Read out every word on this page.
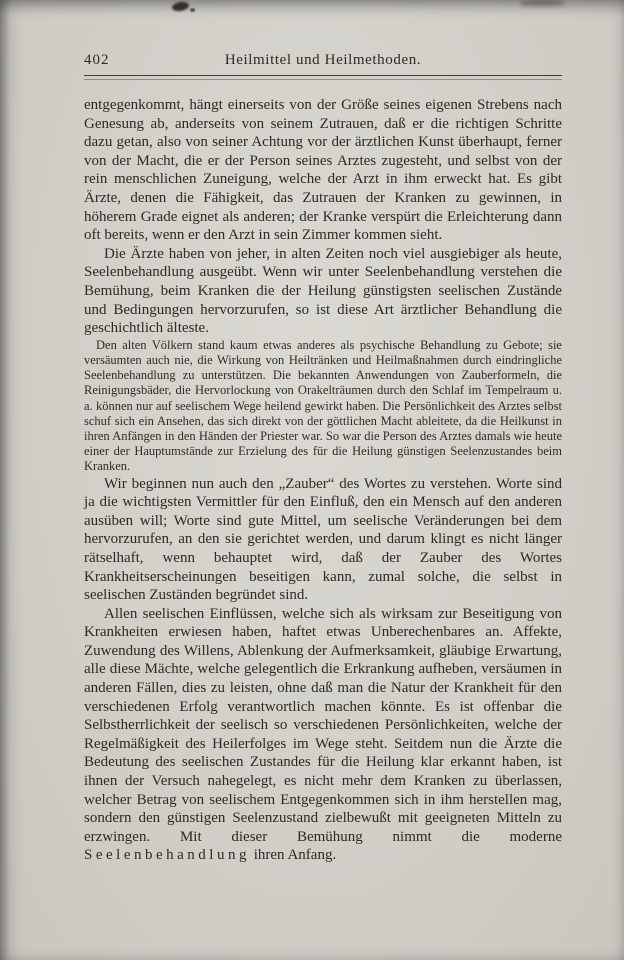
402	Heilmittel und Heilmethoden.

entgegenkommt, hängt einerseits von der Größe seines eigenen Strebens nach Genesung ab, anderseits von seinem Zutrauen, daß er die richtigen Schritte dazu getan, also von seiner Achtung vor der ärztlichen Kunst überhaupt, ferner von der Macht, die er der Person seines Arztes zugesteht, und selbst von der rein menschlichen Zuneigung, welche der Arzt in ihm erweckt hat. Es gibt Ärzte, denen die Fähigkeit, das Zutrauen der Kranken zu gewinnen, in höherem Grade eignet als anderen; der Kranke verspürt die Erleichterung dann oft bereits, wenn er den Arzt in sein Zimmer kommen sieht.

Die Ärzte haben von jeher, in alten Zeiten noch viel ausgiebiger als heute, Seelenbehandlung ausgeübt. Wenn wir unter Seelenbehandlung verstehen die Bemühung, beim Kranken die der Heilung günstigsten seelischen Zustände und Bedingungen hervorzurufen, so ist diese Art ärztlicher Behandlung die geschichtlich älteste.

Den alten Völkern stand kaum etwas anderes als psychische Behandlung zu Gebote; sie versäumten auch nie, die Wirkung von Heiltränken und Heilmaßnahmen durch eindringliche Seelenbehandlung zu unterstützen. Die bekannten Anwendungen von Zauberformeln, die Reinigungsbäder, die Hervorlockung von Orakelträumen durch den Schlaf im Tempelraum u. a. können nur auf seelischem Wege heilend gewirkt haben. Die Persönlichkeit des Arztes selbst schuf sich ein Ansehen, das sich direkt von der göttlichen Macht ableitete, da die Heilkunst in ihren Anfängen in den Händen der Priester war. So war die Person des Arztes damals wie heute einer der Hauptumstände zur Erzielung des für die Heilung günstigen Seelenzustandes beim Kranken.

Wir beginnen nun auch den „Zauber“ des Wortes zu verstehen. Worte sind ja die wichtigsten Vermittler für den Einfluß, den ein Mensch auf den anderen ausüben will; Worte sind gute Mittel, um seelische Veränderungen bei dem hervorzurufen, an den sie gerichtet werden, und darum klingt es nicht länger rätselhaft, wenn behauptet wird, daß der Zauber des Wortes Krankheitserscheinungen beseitigen kann, zumal solche, die selbst in seelischen Zuständen begründet sind.

Allen seelischen Einflüssen, welche sich als wirksam zur Beseitigung von Krankheiten erwiesen haben, haftet etwas Unberechenbares an. Affekte, Zuwendung des Willens, Ablenkung der Aufmerksamkeit, gläubige Erwartung, alle diese Mächte, welche gelegentlich die Erkrankung aufheben, versäumen in anderen Fällen, dies zu leisten, ohne daß man die Natur der Krankheit für den verschiedenen Erfolg verantwortlich machen könnte. Es ist offenbar die Selbstherrlichkeit der seelisch so verschiedenen Persönlichkeiten, welche der Regelmäßigkeit des Heilerfolges im Wege steht. Seitdem nun die Ärzte die Bedeutung des seelischen Zustandes für die Heilung klar erkannt haben, ist ihnen der Versuch nahegelegt, es nicht mehr dem Kranken zu überlassen, welcher Betrag von seelischem Entgegenkommen sich in ihm herstellen mag, sondern den günstigen Seelenzustand zielbewußt mit geeigneten Mitteln zu erzwingen. Mit dieser Bemühung nimmt die moderne Seelenbehandlung ihren Anfang.
